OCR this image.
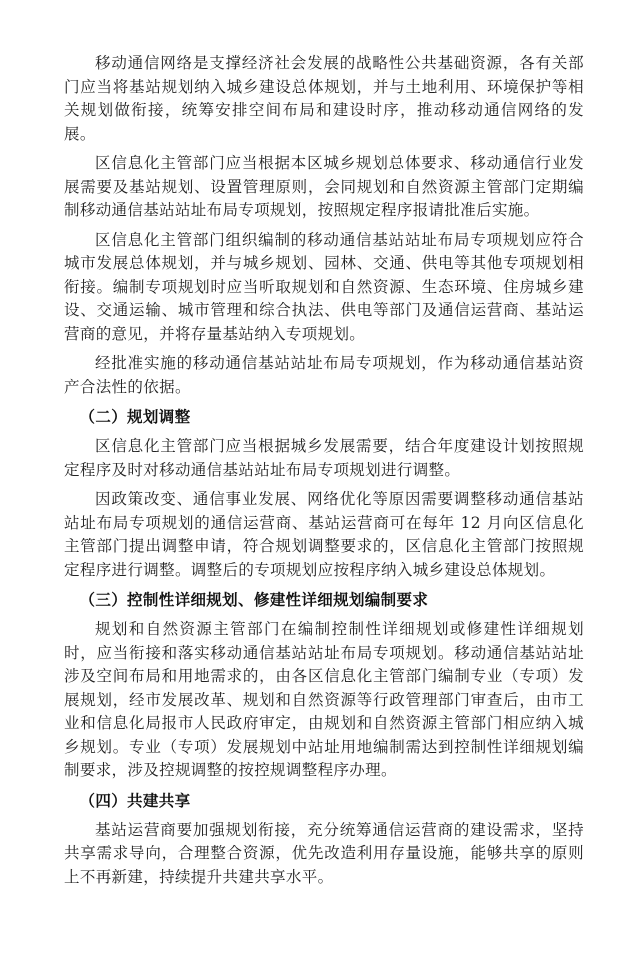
移动通信网络是支撑经济社会发展的战略性公共基础资源，各有关部门应当将基站规划纳入城乡建设总体规划，并与土地利用、环境保护等相关规划做衔接，统筹安排空间布局和建设时序，推动移动通信网络的发展。

区信息化主管部门应当根据本区城乡规划总体要求、移动通信行业发展需要及基站规划、设置管理原则，会同规划和自然资源主管部门定期编制移动通信基站站址布局专项规划，按照规定程序报请批准后实施。

区信息化主管部门组织编制的移动通信基站站址布局专项规划应符合城市发展总体规划，并与城乡规划、园林、交通、供电等其他专项规划相衔接。编制专项规划时应当听取规划和自然资源、生态环境、住房城乡建设、交通运输、城市管理和综合执法、供电等部门及通信运营商、基站运营商的意见，并将存量基站纳入专项规划。

经批准实施的移动通信基站站址布局专项规划，作为移动通信基站资产合法性的依据。

（二）规划调整

区信息化主管部门应当根据城乡发展需要，结合年度建设计划按照规定程序及时对移动通信基站站址布局专项规划进行调整。

因政策改变、通信事业发展、网络优化等原因需要调整移动通信基站站址布局专项规划的通信运营商、基站运营商可在每年 12 月向区信息化主管部门提出调整申请，符合规划调整要求的，区信息化主管部门按照规定程序进行调整。调整后的专项规划应按程序纳入城乡建设总体规划。

（三）控制性详细规划、修建性详细规划编制要求

规划和自然资源主管部门在编制控制性详细规划或修建性详细规划时，应当衔接和落实移动通信基站站址布局专项规划。移动通信基站站址涉及空间布局和用地需求的，由各区信息化主管部门编制专业（专项）发展规划，经市发展改革、规划和自然资源等行政管理部门审查后，由市工业和信息化局报市人民政府审定，由规划和自然资源主管部门相应纳入城乡规划。专业（专项）发展规划中站址用地编制需达到控制性详细规划编制要求，涉及控规调整的按控规调整程序办理。

（四）共建共享

基站运营商要加强规划衔接，充分统筹通信运营商的建设需求，坚持共享需求导向，合理整合资源，优先改造利用存量设施，能够共享的原则上不再新建，持续提升共建共享水平。
